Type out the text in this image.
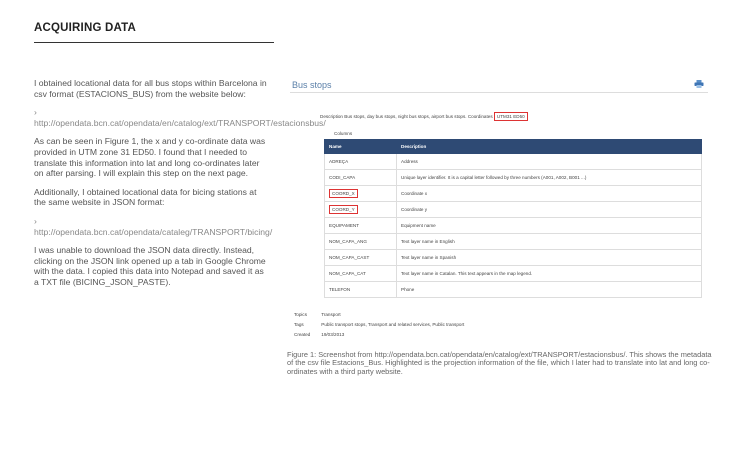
ACQUIRING DATA

I obtained locational data for all bus stops within Barcelona in csv format (ESTACIONS_BUS) from the website below:

› http://opendata.bcn.cat/opendata/en/catalog/ext/TRANSPORT/estacionsbus/

As can be seen in Figure 1, the x and y co-ordinate data was provided in UTM zone 31 ED50. I found that I needed to translate this information into lat and long co-ordinates later on after parsing. I will explain this step on the next page.

Additionally, I obtained locational data for bicing stations at the same website in JSON format:

› http://opendata.bcn.cat/opendata/cataleg/TRANSPORT/bicing/

I was unable to download the JSON data directly. Instead, clicking on the JSON link opened up a tab in Google Chrome with the data. I copied this data into Notepad and saved it as a TXT file (BICING_JSON_PASTE).

Bus stops
Description Bus stops, day bus stops, night bus stops, airport bus stops. Coordinates UTM31 ED50
Columns
Name	Description
ADREÇA	Address
CODI_CAPA	Unique layer identifier. It is a capital letter followed by three numbers (A001, A002, B001 ...)
COORD_X	Coordinate x
COORD_Y	Coordinate y
EQUIPAMENT	Equipment name
NOM_CAPA_ANG	Text layer name in English
NOM_CAPA_CAST	Text layer name in Spanish
NOM_CAPA_CAT	Text layer name in Catalan. This text appears in the map legend.
TELEFON	Phone
Topics	Transport
Tags	Public transport stops, Transport and related services, Public transport
Created 19/03/2013
Figure 1: Screenshot from http://opendata.bcn.cat/opendata/en/catalog/ext/TRANSPORT/estacionsbus/. This shows the metadata of the csv file Estacions_Bus. Highlighted is the projection information of the file, which I later had to translate into lat and long co-ordinates with a third party website.
